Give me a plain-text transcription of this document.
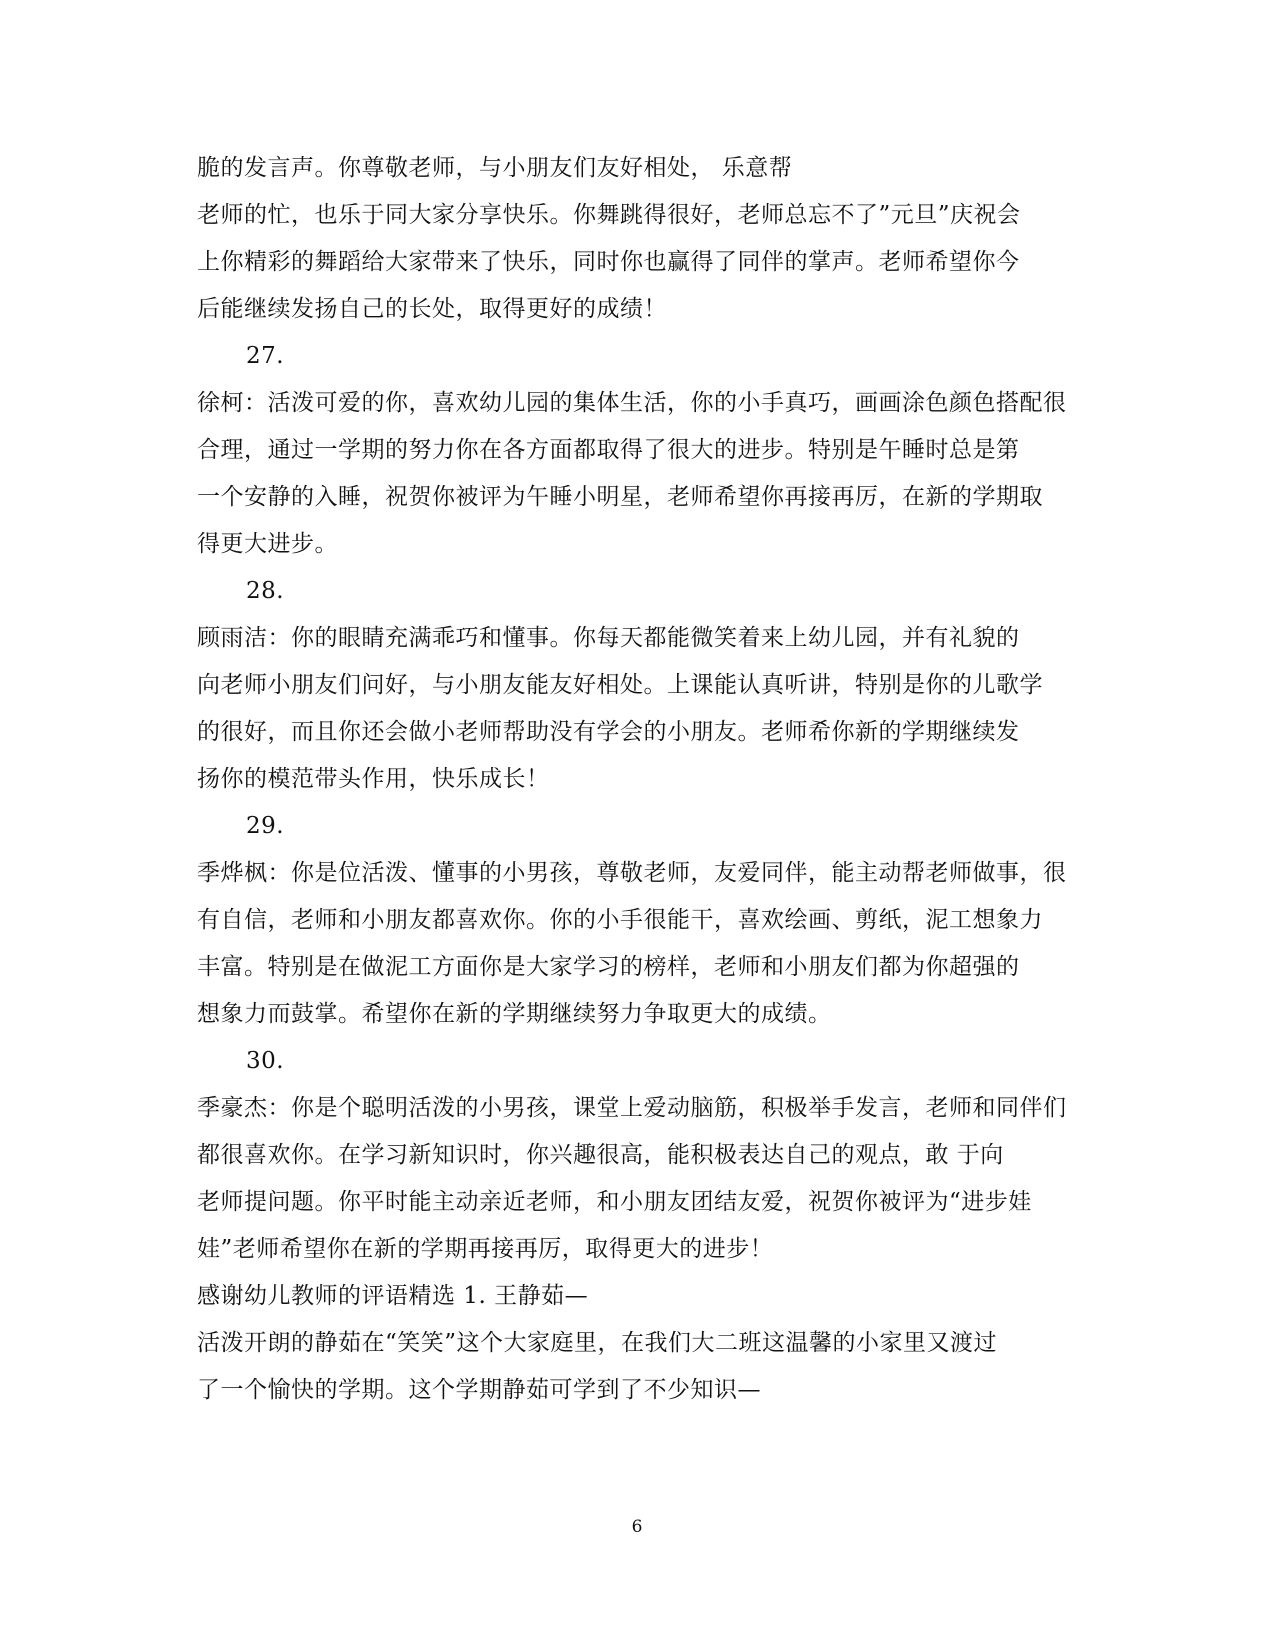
脆的发言声。你尊敬老师，与小朋友们友好相处， 乐意帮
老师的忙，也乐于同大家分享快乐。你舞跳得很好，老师总忘不了”元旦”庆祝会
上你精彩的舞蹈给大家带来了快乐，同时你也赢得了同伴的掌声。老师希望你今
后能继续发扬自己的长处，取得更好的成绩！
27.
徐柯：活泼可爱的你，喜欢幼儿园的集体生活，你的小手真巧，画画涂色颜色搭配很
合理，通过一学期的努力你在各方面都取得了很大的进步。特别是午睡时总是第
一个安静的入睡，祝贺你被评为午睡小明星，老师希望你再接再厉，在新的学期取
得更大进步。
28.
顾雨洁：你的眼睛充满乖巧和懂事。你每天都能微笑着来上幼儿园，并有礼貌的
向老师小朋友们问好，与小朋友能友好相处。上课能认真听讲，特别是你的儿歌学
的很好，而且你还会做小老师帮助没有学会的小朋友。老师希你新的学期继续发
扬你的模范带头作用，快乐成长！
29.
季烨枫：你是位活泼、懂事的小男孩，尊敬老师，友爱同伴，能主动帮老师做事，很
有自信，老师和小朋友都喜欢你。你的小手很能干，喜欢绘画、剪纸，泥工想象力
丰富。特别是在做泥工方面你是大家学习的榜样，老师和小朋友们都为你超强的
想象力而鼓掌。希望你在新的学期继续努力争取更大的成绩。
30.
季豪杰：你是个聪明活泼的小男孩，课堂上爱动脑筋，积极举手发言，老师和同伴们
都很喜欢你。在学习新知识时，你兴趣很高，能积极表达自己的观点，敢 于向
老师提问题。你平时能主动亲近老师，和小朋友团结友爱，祝贺你被评为“进步娃
娃”老师希望你在新的学期再接再厉，取得更大的进步！
感谢幼儿教师的评语精选 1. 王静茹—
活泼开朗的静茹在“笑笑”这个大家庭里，在我们大二班这温馨的小家里又渡过
了一个愉快的学期。这个学期静茹可学到了不少知识—
6
